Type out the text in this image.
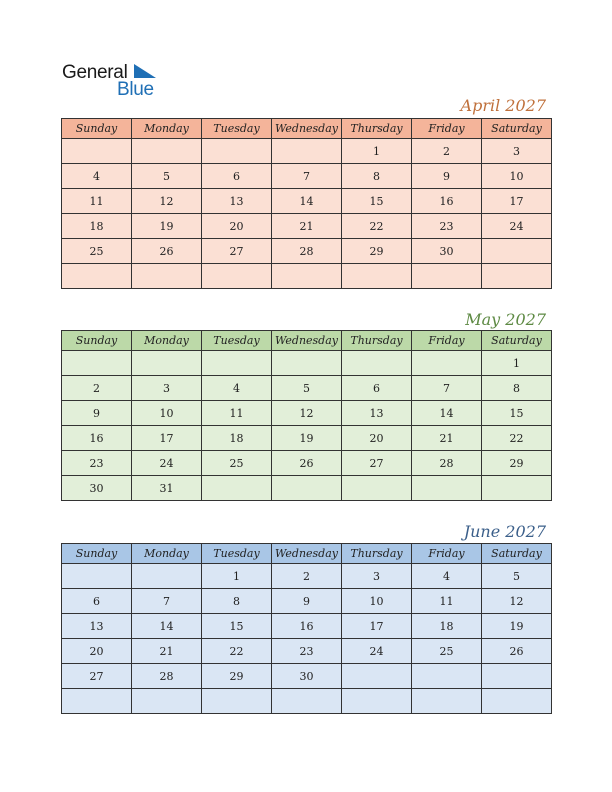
General
Blue
April 2027
Sunday	Monday	Tuesday	Wednesday	Thursday	Friday	Saturday
				1	2	3
4	5	6	7	8	9	10
11	12	13	14	15	16	17
18	19	20	21	22	23	24
25	26	27	28	29	30	

May 2027
Sunday	Monday	Tuesday	Wednesday	Thursday	Friday	Saturday
						1
2	3	4	5	6	7	8
9	10	11	12	13	14	15
16	17	18	19	20	21	22
23	24	25	26	27	28	29
30	31					
June 2027
Sunday	Monday	Tuesday	Wednesday	Thursday	Friday	Saturday
		1	2	3	4	5
6	7	8	9	10	11	12
13	14	15	16	17	18	19
20	21	22	23	24	25	26
27	28	29	30			
